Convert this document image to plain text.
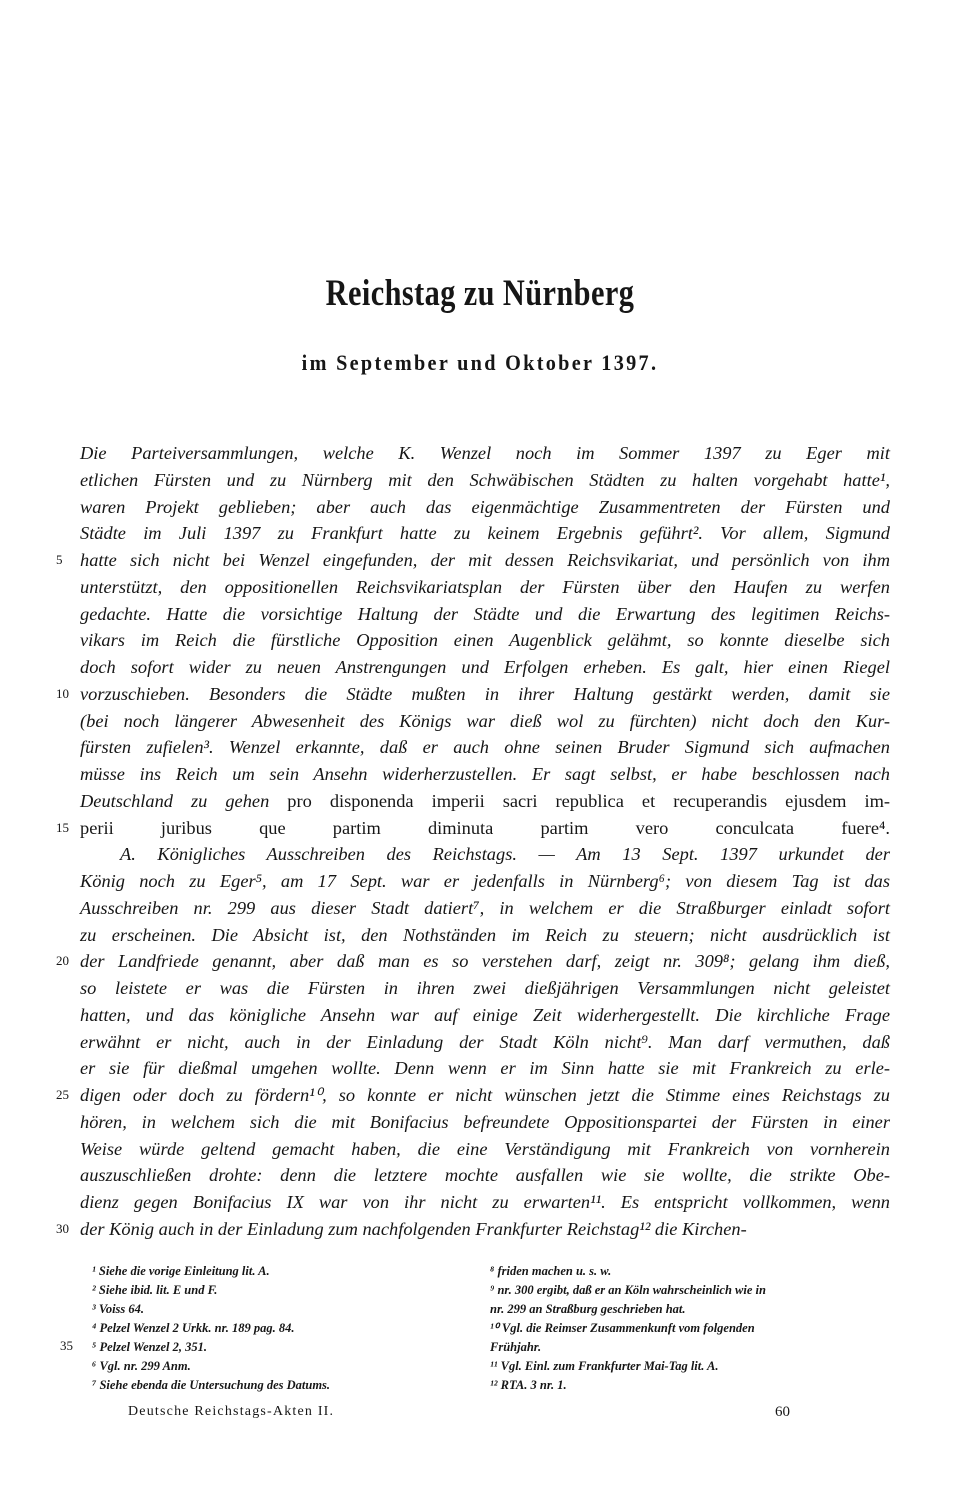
Reichstag zu Nürnberg
im September und Oktober 1397.
Die Parteiversammlungen, welche K. Wenzel noch im Sommer 1397 zu Eger mit
etlichen Fürsten und zu Nürnberg mit den Schwäbischen Städten zu halten vorgehabt hatte¹,
waren Projekt geblieben; aber auch das eigenmächtige Zusammentreten der Fürsten und
Städte im Juli 1397 zu Frankfurt hatte zu keinem Ergebnis geführt². Vor allem, Sigmund
5 hatte sich nicht bei Wenzel eingefunden, der mit dessen Reichsvikariat, und persönlich von ihm
unterstützt, den oppositionellen Reichsvikariatsplan der Fürsten über den Haufen zu werfen
gedachte. Hatte die vorsichtige Haltung der Städte und die Erwartung des legitimen Reichs-
vikars im Reich die fürstliche Opposition einen Augenblick gelähmt, so konnte dieselbe sich
doch sofort wider zu neuen Anstrengungen und Erfolgen erheben. Es galt, hier einen Riegel
10 vorzuschieben. Besonders die Städte mußten in ihrer Haltung gestärkt werden, damit sie
(bei noch längerer Abwesenheit des Königs war dieß wol zu fürchten) nicht doch den Kur-
fürsten zufielen³. Wenzel erkannte, daß er auch ohne seinen Bruder Sigmund sich aufmachen
müsse ins Reich um sein Ansehn widerherzustellen. Er sagt selbst, er habe beschlossen nach
Deutschland zu gehen pro disponenda imperii sacri republica et recuperandis ejusdem im-
15 perii juribus que partim diminuta partim vero conculcata fuere⁴.
A. Königliches Ausschreiben des Reichstags. — Am 13 Sept. 1397 urkundet der
König noch zu Eger⁵, am 17 Sept. war er jedenfalls in Nürnberg⁶; von diesem Tag ist das
Ausschreiben nr. 299 aus dieser Stadt datiert⁷, in welchem er die Straßburger einladt sofort
zu erscheinen. Die Absicht ist, den Nothständen im Reich zu steuern; nicht ausdrücklich ist
20 der Landfriede genannt, aber daß man es so verstehen darf, zeigt nr. 309⁸; gelang ihm dieß,
so leistete er was die Fürsten in ihren zwei dießjährigen Versammlungen nicht geleistet
hatten, und das königliche Ansehn war auf einige Zeit widerhergestellt. Die kirchliche Frage
erwähnt er nicht, auch in der Einladung der Stadt Köln nicht⁹. Man darf vermuthen, daß
er sie für dießmal umgehen wollte. Denn wenn er im Sinn hatte sie mit Frankreich zu erle-
25 digen oder doch zu fördern¹⁰, so konnte er nicht wünschen jetzt die Stimme eines Reichstags zu
hören, in welchem sich die mit Bonifacius befreundete Oppositionspartei der Fürsten in einer
Weise würde geltend gemacht haben, die eine Verständigung mit Frankreich von vornherein
auszuschließen drohte: denn die letztere mochte ausfallen wie sie wollte, die strikte Obe-
dienz gegen Bonifacius IX war von ihr nicht zu erwarten¹¹. Es entspricht vollkommen, wenn
30 der König auch in der Einladung zum nachfolgenden Frankfurter Reichstag¹² die Kirchen-
35
¹ Siehe die vorige Einleitung lit. A.
² Siehe ibid. lit. E und F.
³ Voiss 64.
⁴ Pelzel Wenzel 2 Urkk. nr. 189 pag. 84.
⁵ Pelzel Wenzel 2, 351.
⁶ Vgl. nr. 299 Anm.
⁷ Siehe ebenda die Untersuchung des Datums.
⁸ friden machen u. s. w.
⁹ nr. 300 ergibt, daß er an Köln wahrscheinlich wie in
nr. 299 an Straßburg geschrieben hat.
¹⁰ Vgl. die Reimser Zusammenkunft vom folgenden
Frühjahr.
¹¹ Vgl. Einl. zum Frankfurter Mai-Tag lit. A.
¹² RTA. 3 nr. 1.
Deutsche Reichstags-Akten II.	60
